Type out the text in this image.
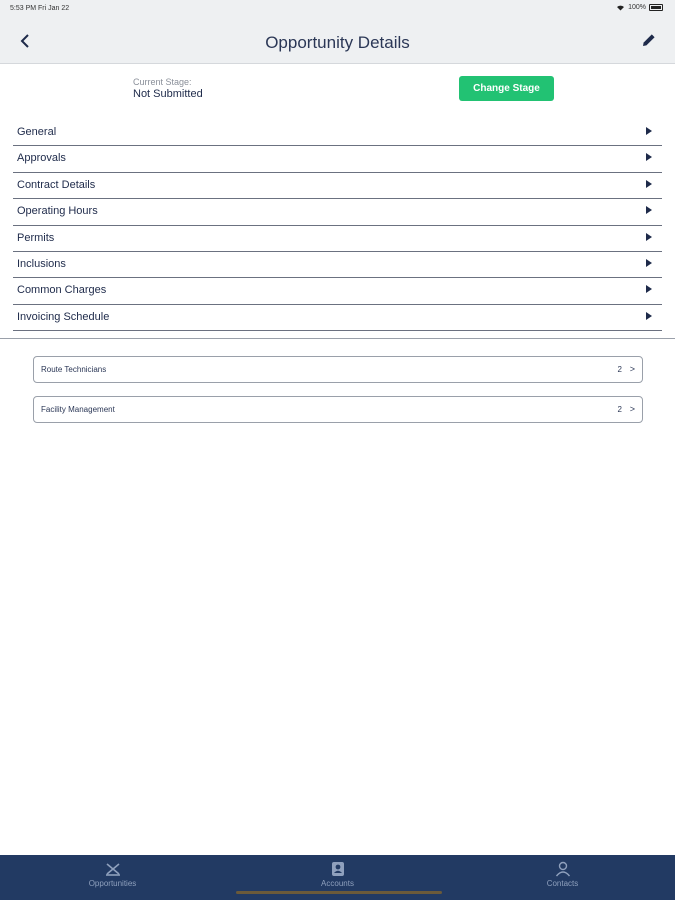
5:53 PM Fri Jan 22	100%
Opportunity Details
Current Stage:
Not Submitted	Change Stage
General
Approvals
Contract Details
Operating Hours
Permits
Inclusions
Common Charges
Invoicing Schedule
Route Technicians	2 >
Facility Management	2 >
Opportunities	Accounts	Contacts
